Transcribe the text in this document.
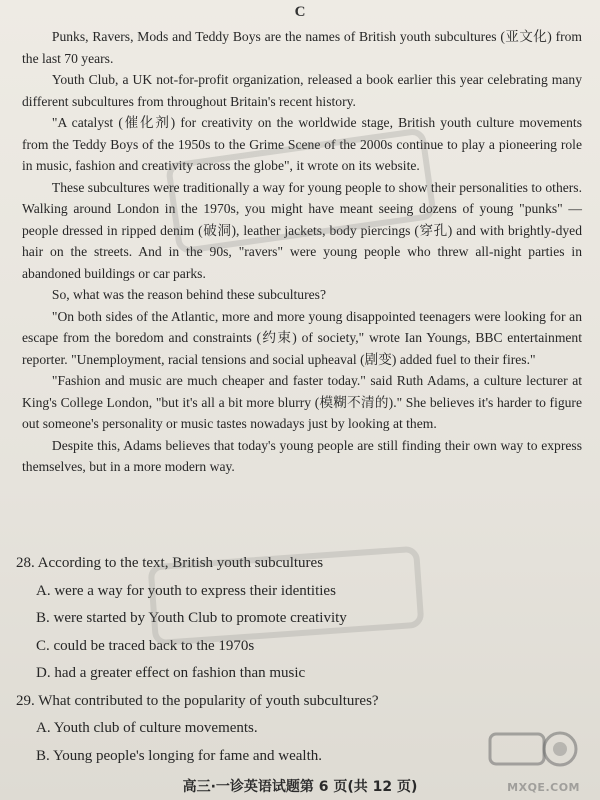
C

Punks, Ravers, Mods and Teddy Boys are the names of British youth subcultures (亚文化) from the last 70 years.

Youth Club, a UK not-for-profit organization, released a book earlier this year celebrating many different subcultures from throughout Britain's recent history.

"A catalyst (催化剂) for creativity on the worldwide stage, British youth culture movements from the Teddy Boys of the 1950s to the Grime Scene of the 2000s continue to play a pioneering role in music, fashion and creativity across the globe", it wrote on its website.

These subcultures were traditionally a way for young people to show their personalities to others. Walking around London in the 1970s, you might have meant seeing dozens of young "punks" — people dressed in ripped denim (破洞), leather jackets, body piercings (穿孔) and with brightly-dyed hair on the streets. And in the 90s, "ravers" were young people who threw all-night parties in abandoned buildings or car parks.

So, what was the reason behind these subcultures?

"On both sides of the Atlantic, more and more young disappointed teenagers were looking for an escape from the boredom and constraints (约束) of society," wrote Ian Youngs, BBC entertainment reporter. "Unemployment, racial tensions and social upheaval (剧变) added fuel to their fires."

"Fashion and music are much cheaper and faster today." said Ruth Adams, a culture lecturer at King's College London, "but it's all a bit more blurry (模糊不清的)." She believes it's harder to figure out someone's personality or music tastes nowadays just by looking at them.

Despite this, Adams believes that today's young people are still finding their own way to express themselves, but in a more modern way.

28. According to the text, British youth subcultures

A. were a way for youth to express their identities

B. were started by Youth Club to promote creativity

C. could be traced back to the 1970s

D. had a greater effect on fashion than music

29. What contributed to the popularity of youth subcultures?

A. Youth club of culture movements.

B. Young people's longing for fame and wealth.

MXQE.COM
高三·一诊英语试题第 6 页(共 12 页)
